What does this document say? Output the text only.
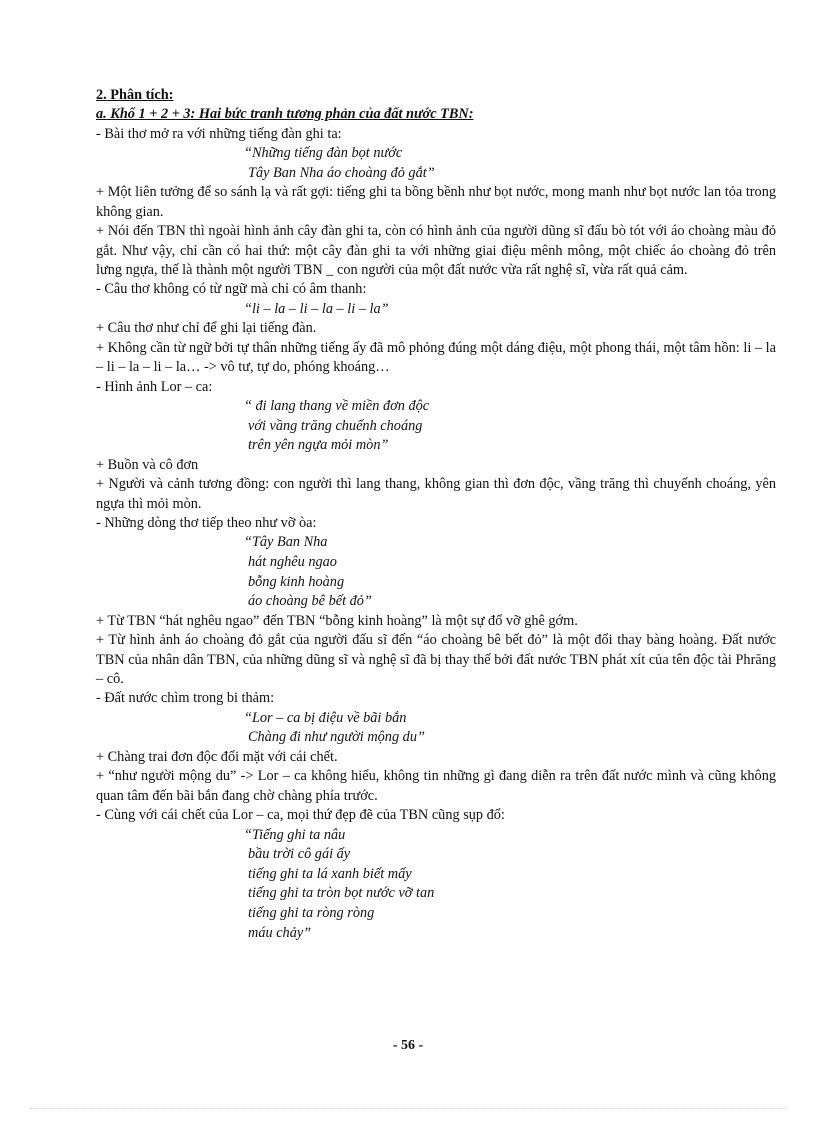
2. Phân tích:
a. Khổ 1 + 2 + 3: Hai bức tranh tương phản của đất nước TBN:
- Bài thơ mở ra với những tiếng đàn ghi ta:
“Những tiếng đàn bọt nước
Tây Ban Nha áo choàng đỏ gắt”
+ Một liên tưởng để so sánh lạ và rất gợi: tiếng ghi ta bồng bềnh như bọt nước, mong manh như bọt nước lan tỏa trong không gian.
+ Nói đến TBN thì ngoài hình ảnh cây đàn ghi ta, còn có hình ảnh của người dũng sĩ đấu bò tót với áo choàng màu đỏ gắt. Như vậy, chỉ cần có hai thứ: một cây đàn ghi ta với những giai điệu mênh mông, một chiếc áo choàng đỏ trên lưng ngựa, thế là thành một người TBN _ con người của một đất nước vừa rất nghệ sĩ, vừa rất quả cảm.
- Câu thơ không có từ ngữ mà chỉ có âm thanh:
“li – la – li – la – li – la”
+ Câu thơ như chỉ để ghi lại tiếng đàn.
+ Không cần từ ngữ bởi tự thân những tiếng ấy đã mô phỏng đúng một dáng điệu, một phong thái, một tâm hồn: li – la – li – la – li – la… -> vô tư, tự do, phóng khoáng…
- Hình ảnh Lor – ca:
“ đi lang thang về miền đơn độc
với vầng trăng chuếnh choáng
trên yên ngựa mỏi mòn”
+ Buồn và cô đơn
+ Người và cảnh tương đồng: con người thì lang thang, không gian thì đơn độc, vầng trăng thì chuyếnh choáng, yên ngựa thì mỏi mòn.
- Những dòng thơ tiếp theo như vỡ òa:
“Tây Ban Nha
hát nghêu ngao
bỗng kinh hoàng
áo choàng bê bết đỏ”
+ Từ TBN “hát nghêu ngao” đến TBN “bỗng kinh hoàng” là một sự đổ vỡ ghê gớm.
+ Từ hình ảnh áo choàng đỏ gắt của người đấu sĩ đến “áo choàng bê bết đỏ” là một đổi thay bàng hoàng. Đất nước TBN của nhân dân TBN, của những dũng sĩ và nghệ sĩ đã bị thay thế bởi đất nước TBN phát xít của tên độc tài Phrăng – cô.
- Đất nước chìm trong bi thảm:
“Lor – ca bị điệu về bãi bắn
Chàng đi như người mộng du”
+ Chàng trai đơn độc đối mặt với cái chết.
+ “như người mộng du” -> Lor – ca không hiểu, không tin những gì đang diễn ra trên đất nước mình và cũng không quan tâm đến bãi bắn đang chờ chàng phía trước.
- Cùng với cái chết của Lor – ca, mọi thứ đẹp đẽ của TBN cũng sụp đổ:
“Tiếng ghi ta nâu
bầu trời cô gái ấy
tiếng ghi ta lá xanh biết mấy
tiếng ghi ta tròn bọt nước vỡ tan
tiếng ghi ta ròng ròng
máu chảy”
- 56 -
